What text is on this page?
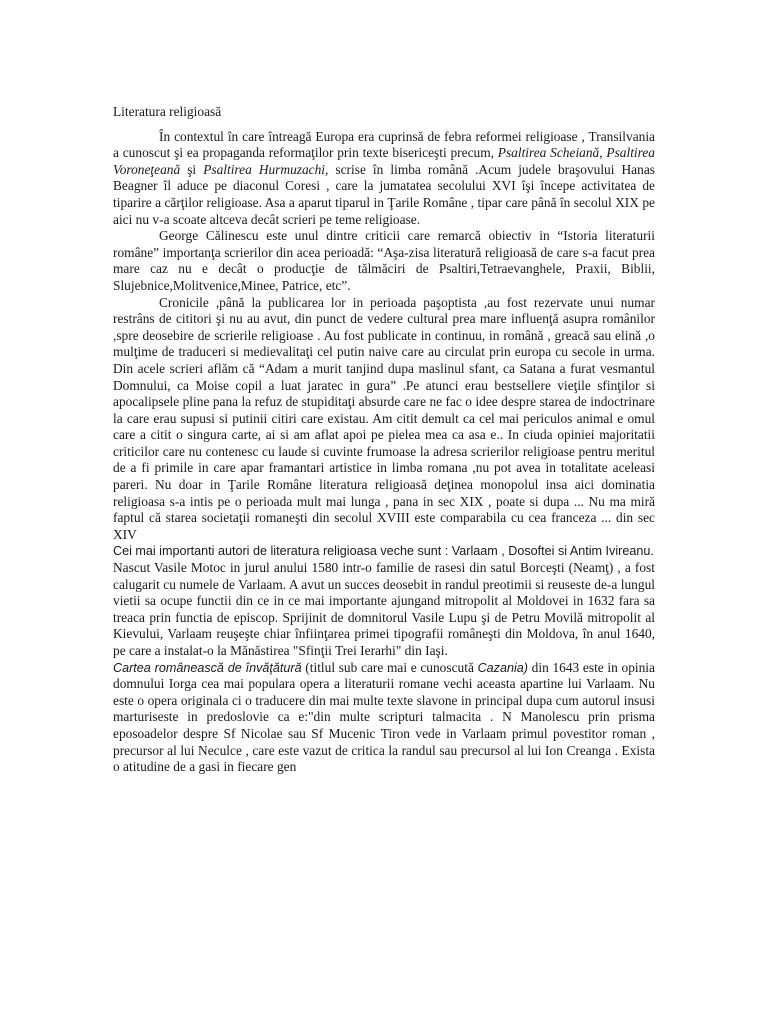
Literatura religioasă

În contextul în care întreagă Europa era cuprinsă de febra reformei religioase , Transilvania a cunoscut şi ea propaganda reformaţilor prin texte bisericeşti precum, Psaltirea Scheiană, Psaltirea Voroneţeană şi Psaltirea Hurmuzachi, scrise în limba română .Acum judele braşovului Hanas Beagner îl aduce pe diaconul Coresi , care la jumatatea secolului XVI îşi începe activitatea de tiparire a cărţilor religioase. Asa a aparut tiparul in Ţarile Române , tipar care până în secolul XIX pe aici nu v-a scoate altceva decât scrieri pe teme religioase.

George Călinescu este unul dintre criticii care remarcă obiectiv in “Istoria literaturii române” importanţa scrierilor din acea perioadă: “Aşa-zisa literatură religioasă de care s-a facut prea mare caz nu e decât o producţie de tălmăciri de Psaltiri,Tetraevanghele, Praxii, Biblii, Slujebnice,Molitvenice,Minee, Patrice, etc”.

Cronicile ,până la publicarea lor in perioada paşoptista ,au fost rezervate unui numar restrâns de cititori şi nu au avut, din punct de vedere cultural prea mare influenţă asupra românilor ,spre deosebire de scrierile religioase . Au fost publicate in continuu, in română , greacă sau elină ,o mulţime de traduceri si medievalitaţi cel putin naive care au circulat prin europa cu secole in urma. Din acele scrieri aflăm că “Adam a murit tanjind dupa maslinul sfant, ca Satana a furat vesmantul Domnului, ca Moise copil a luat jaratec in gura” .Pe atunci erau bestsellere vieţile sfinţilor si apocalipsele pline pana la refuz de stupiditaţi absurde care ne fac o idee despre starea de indoctrinare la care erau supusi si putinii citiri care existau. Am citit demult ca cel mai periculos animal e omul care a citit o singura carte, ai si am aflat apoi pe pielea mea ca asa e.. In ciuda opiniei majoritatii criticilor care nu contenesc cu laude si cuvinte frumoase la adresa scrierilor religioase pentru meritul de a fi primile in care apar framantari artistice in limba romana ,nu pot avea in totalitate aceleasi pareri. Nu doar in Ţarile Române literatura religioasă deţinea monopolul insa aici dominatia religioasa s-a intis pe o perioada mult mai lunga , pana in sec XIX , poate si dupa ... Nu ma miră faptul că starea societaţii romaneşti din secolul XVIII este comparabila cu cea franceza ... din sec XIV

Cei mai importanti autori de literatura religioasa veche sunt : Varlaam , Dosoftei si Antim Ivireanu.

Nascut Vasile Motoc in jurul anului 1580 intr-o familie de rasesi din satul Borceşti (Neamţ) , a fost calugarit cu numele de Varlaam. A avut un succes deosebit in randul preotimii si reuseste de-a lungul vietii sa ocupe functii din ce in ce mai importante ajungand mitropolit al Moldovei in 1632 fara sa treaca prin functia de episcop. Sprijinit de domnitorul Vasile Lupu şi de Petru Movilă mitropolit al Kievului, Varlaam reuşeşte chiar înfiinţarea primei tipografii româneşti din Moldova, în anul 1640, pe care a instalat-o la Mănăstirea "Sfinţii Trei Ierarhi" din Iaşi.

Cartea românească de învăţătură (titlul sub care mai e cunoscută Cazania) din 1643 este in opinia domnului Iorga cea mai populara opera a literaturii romane vechi aceasta apartine lui Varlaam. Nu este o opera originala ci o traducere din mai multe texte slavone in principal dupa cum autorul insusi marturiseste in predoslovie ca e:"din multe scripturi talmacita . N Manolescu prin prisma eposoadelor despre Sf Nicolae sau Sf Mucenic Tiron vede in Varlaam primul povestitor roman , precursor al lui Neculce , care este vazut de critica la randul sau precursol al lui Ion Creanga . Exista o atitudine de a gasi in fiecare gen
